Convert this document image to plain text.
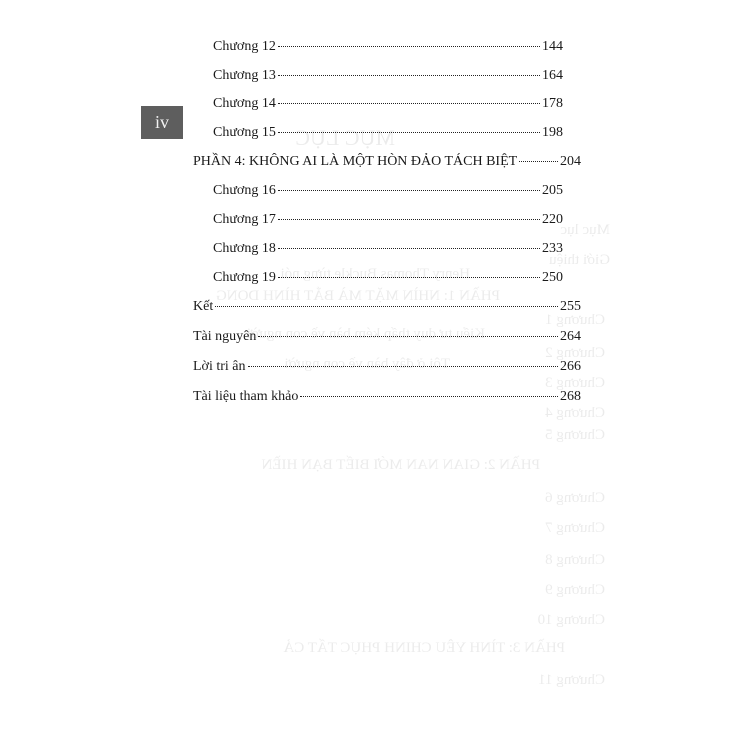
MỤC LỤC
Mục lục
Giới thiệu
Henry Thomas Buckle từng nói
PHẦN 1: NHÌN MẶT MÀ BẮT HÌNH DONG
Chương 1
Kiểu tư duy thấp kém bàn về con người
Chương 2
Tôi ở đây bàn về con người
Chương 3
Chương 4
Chương 5
PHẦN 2: GIAN NAN MỚI BIẾT BẠN HIỀN
Chương 6
Chương 7
Chương 8
Chương 9
Chương 10
PHẦN 3: TÌNH YÊU CHINH PHỤC TẤT CẢ
Chương 11
iv
Chương 12	144
Chương 13	164
Chương 14	178
Chương 15	198
PHẦN 4: KHÔNG AI LÀ MỘT HÒN ĐẢO TÁCH BIỆT	204
Chương 16	205
Chương 17	220
Chương 18	233
Chương 19	250
Kết	255
Tài nguyên	264
Lời tri ân	266
Tài liệu tham khảo	268
